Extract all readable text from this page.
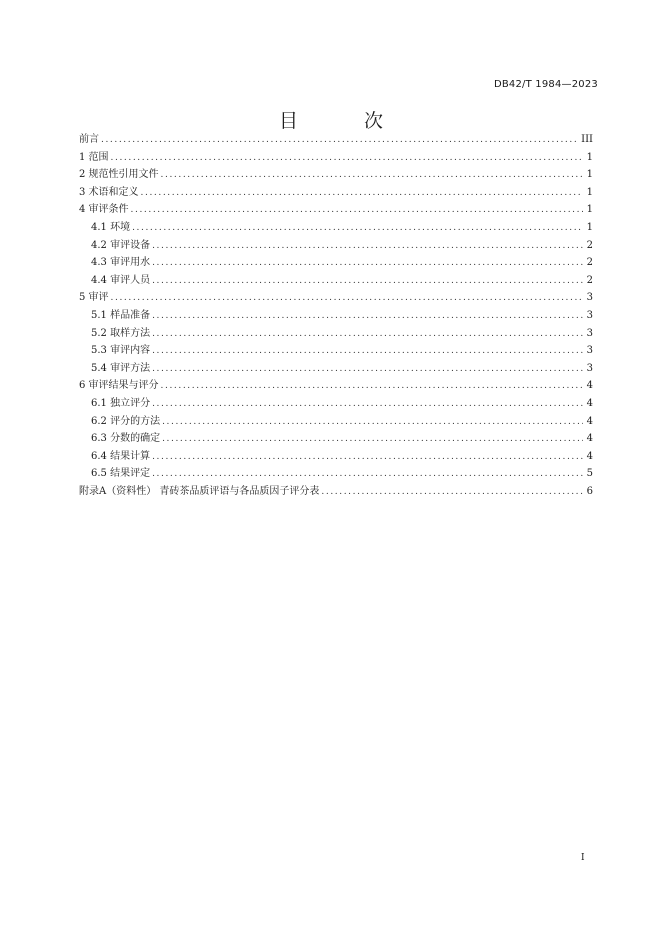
DB42/T 1984—2023
目 次
前言 .....	III
1 范围 .....	1
2 规范性引用文件 .....	1
3 术语和定义 .....	1
4 审评条件 .....	1
4.1 环境 .....	1
4.2 审评设备 .....	2
4.3 审评用水 .....	2
4.4 审评人员 .....	2
5 审评 .....	3
5.1 样品准备 .....	3
5.2 取样方法 .....	3
5.3 审评内容 .....	3
5.4 审评方法 .....	3
6 审评结果与评分 .....	4
6.1 独立评分 .....	4
6.2 评分的方法 .....	4
6.3 分数的确定 .....	4
6.4 结果计算 .....	4
6.5 结果评定 .....	5
附录A（资料性） 青砖茶品质评语与各品质因子评分表 .....	6
I
